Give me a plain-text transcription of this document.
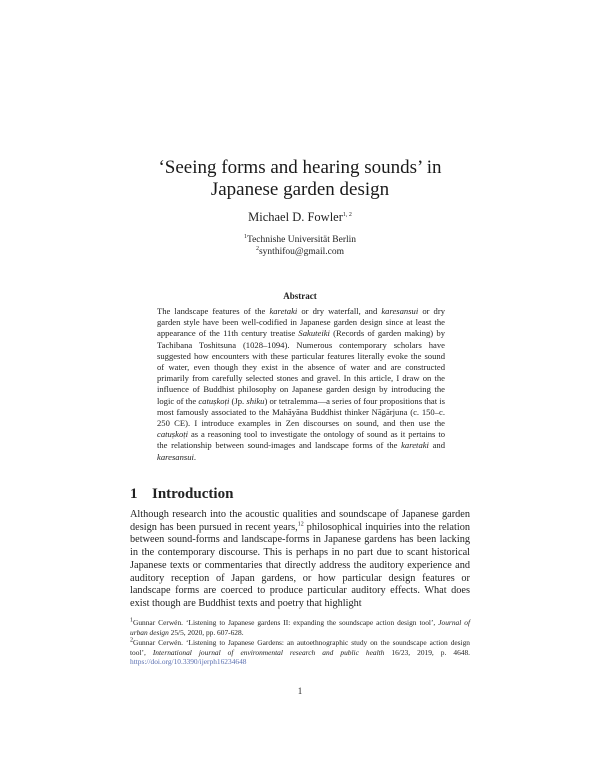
‘Seeing forms and hearing sounds’ in
Japanese garden design
Michael D. Fowler$^{1, 2}$
$^1$Technishe Universität Berlin
$^2$synthifou@gmail.com
Abstract

The landscape features of the karetaki or dry waterfall, and karesansui or dry garden style have been well-codified in Japanese garden design since at least the appearance of the 11th century treatise Sakuteiki (Records of garden making) by Tachibana Toshitsuna (1028–1094). Numerous contemporary scholars have suggested how encounters with these particular features literally evoke the sound of water, even though they exist in the absence of water and are constructed primarily from carefully selected stones and gravel. In this article, I draw on the influence of Buddhist philosophy on Japanese garden design by introducing the logic of the catuṣkoṭi (Jp. shiku) or tetralemma—a series of four propositions that is most famously associated to the Mahāyāna Buddhist thinker Nāgārjuna (c. 150–c. 250 CE). I introduce examples in Zen discourses on sound, and then use the catuṣkoṭi as a reasoning tool to investigate the ontology of sound as it pertains to the relationship between sound-images and landscape forms of the karetaki and karesansui.

1 Introduction

Although research into the acoustic qualities and soundscape of Japanese garden design has been pursued in recent years,$^{12}$ philosophical inquiries into the relation between sound-forms and landscape-forms in Japanese gardens has been lacking in the contemporary discourse. This is perhaps in no part due to scant historical Japanese texts or commentaries that directly address the auditory experience and auditory reception of Japan gardens, or how particular design features or landscape forms are coerced to produce particular auditory effects. What does exist though are Buddhist texts and poetry that highlight

$^1$Gunnar Cerwén. ‘Listening to Japanese gardens II: expanding the soundscape action design tool’, Journal of urban design 25/5, 2020, pp. 607-628.

$^2$Gunnar Cerwén. ‘Listening to Japanese Gardens: an autoethnographic study on the soundscape action design tool’, International journal of environmental research and public health 16/23, 2019, p. 4648. https://doi.org/10.3390/ijerph16234648

1
